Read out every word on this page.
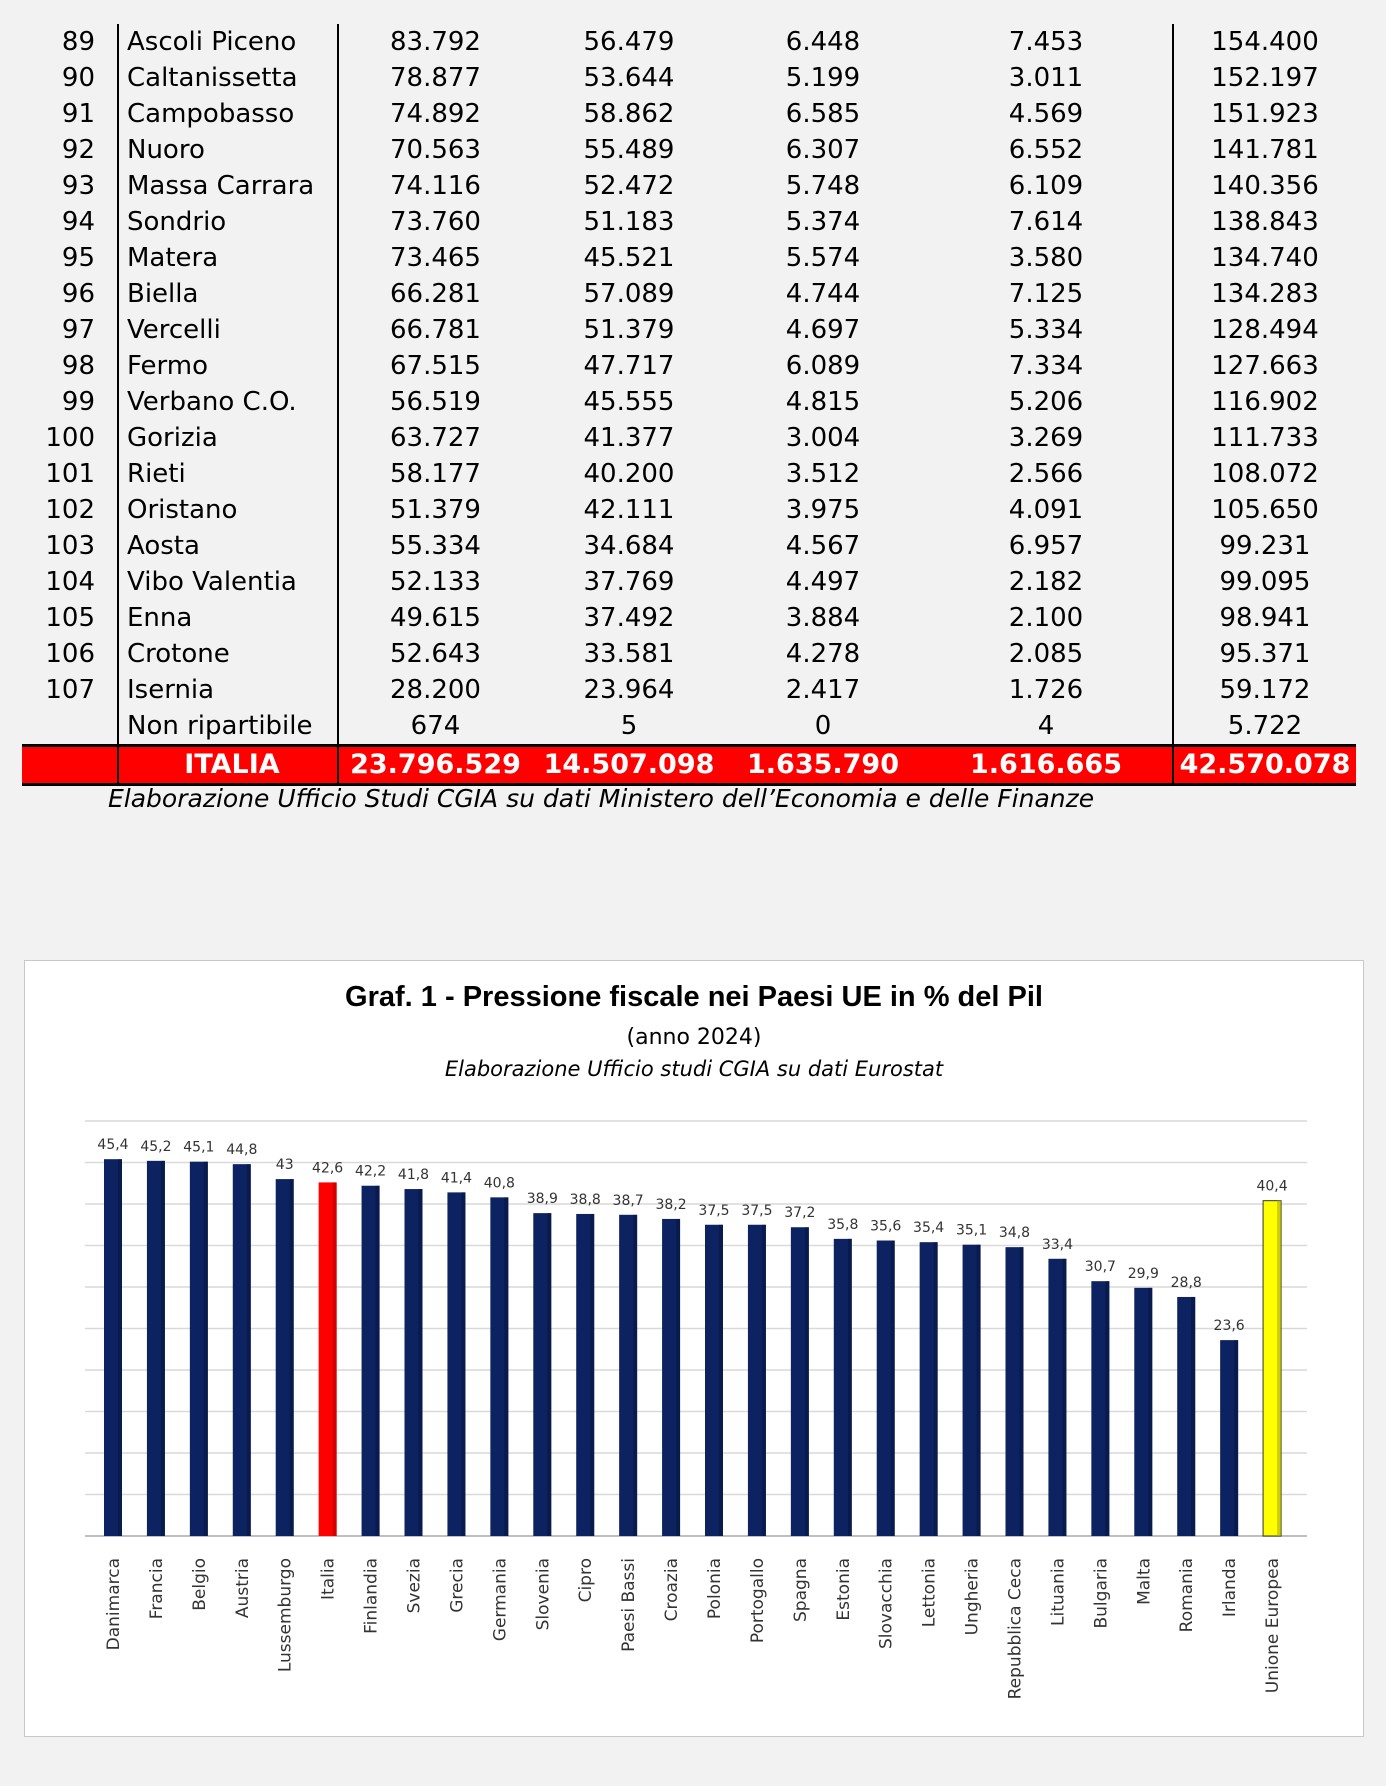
89	Ascoli Piceno	83.792	56.479	6.448	7.453	154.400
90	Caltanissetta	78.877	53.644	5.199	3.011	152.197
91	Campobasso	74.892	58.862	6.585	4.569	151.923
92	Nuoro	70.563	55.489	6.307	6.552	141.781
93	Massa Carrara	74.116	52.472	5.748	6.109	140.356
94	Sondrio	73.760	51.183	5.374	7.614	138.843
95	Matera	73.465	45.521	5.574	3.580	134.740
96	Biella	66.281	57.089	4.744	7.125	134.283
97	Vercelli	66.781	51.379	4.697	5.334	128.494
98	Fermo	67.515	47.717	6.089	7.334	127.663
99	Verbano C.O.	56.519	45.555	4.815	5.206	116.902
100	Gorizia	63.727	41.377	3.004	3.269	111.733
101	Rieti	58.177	40.200	3.512	2.566	108.072
102	Oristano	51.379	42.111	3.975	4.091	105.650
103	Aosta	55.334	34.684	4.567	6.957	99.231
104	Vibo Valentia	52.133	37.769	4.497	2.182	99.095
105	Enna	49.615	37.492	3.884	2.100	98.941
106	Crotone	52.643	33.581	4.278	2.085	95.371
107	Isernia	28.200	23.964	2.417	1.726	59.172
	Non ripartibile	674	5	0	4	5.722
	ITALIA	23.796.529	14.507.098	1.635.790	1.616.665	42.570.078
Elaborazione Ufficio Studi CGIA su dati Ministero dell’Economia e delle Finanze
Graf. 1 - Pressione fiscale nei Paesi UE in % del Pil
(anno 2024)
Elaborazione Ufficio studi CGIA su dati Eurostat
45,4
Danimarca
45,2
Francia
45,1
Belgio
44,8
Austria
43
Lussemburgo
42,6
Italia
42,2
Finlandia
41,8
Svezia
41,4
Grecia
40,8
Germania
38,9
Slovenia
38,8
Cipro
38,7
Paesi Bassi
38,2
Croazia
37,5
Polonia
37,5
Portogallo
37,2
Spagna
35,8
Estonia
35,6
Slovacchia
35,4
Lettonia
35,1
Ungheria
34,8
Repubblica Ceca
33,4
Lituania
30,7
Bulgaria
29,9
Malta
28,8
Romania
23,6
Irlanda
40,4
Unione Europea
